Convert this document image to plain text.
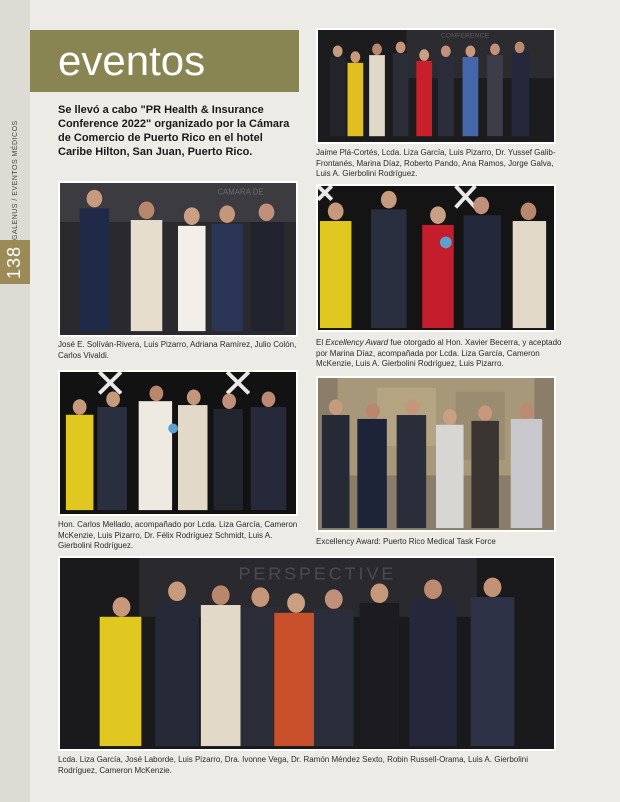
GALENUS / EVENTOS MÉDICOS
138
eventos
Se llevó a cabo "PR Health & Insurance Conference 2022" organizado por la Cámara de Comercio de Puerto Rico en el hotel Caribe Hilton, San Juan, Puerto Rico.
CONFERENCE
Jaime Plá-Cortés, Lcda. Liza García, Luis Pizarro, Dr. Yussef Galib-Frontanés, Marina Díaz, Roberto Pando, Ana Ramos, Jorge Galva, Luis A. Gierbolini Rodríguez.
CAMARA DE
José E. Solíván-Rivera, Luis Pizarro, Adriana Ramírez, Julio Colón, Carlos Vivaldi.
El Excellency Award fue otorgado al Hon. Xavier Becerra, y aceptado por Marina Díaz, acompañada por Lcda. Liza García, Cameron McKenzie, Luis A. Gierbolini Rodríguez, Luis Pizarro.
Hon. Carlos Mellado, acompañado por Lcda. Liza García, Cameron McKenzie, Luis Pizarro, Dr. Félix Rodríguez Schmidt, Luis A. Gierbolini Rodríguez.	Excellency Award: Puerto Rico Medical Task Force
PERSPECTIVE
Lcda. Liza García, José Laborde, Luis Pizarro, Dra. Ivonne Vega, Dr. Ramón Méndez Sexto, Robin Russell-Orama, Luis A. Gierbolini Rodríguez, Cameron McKenzie.
